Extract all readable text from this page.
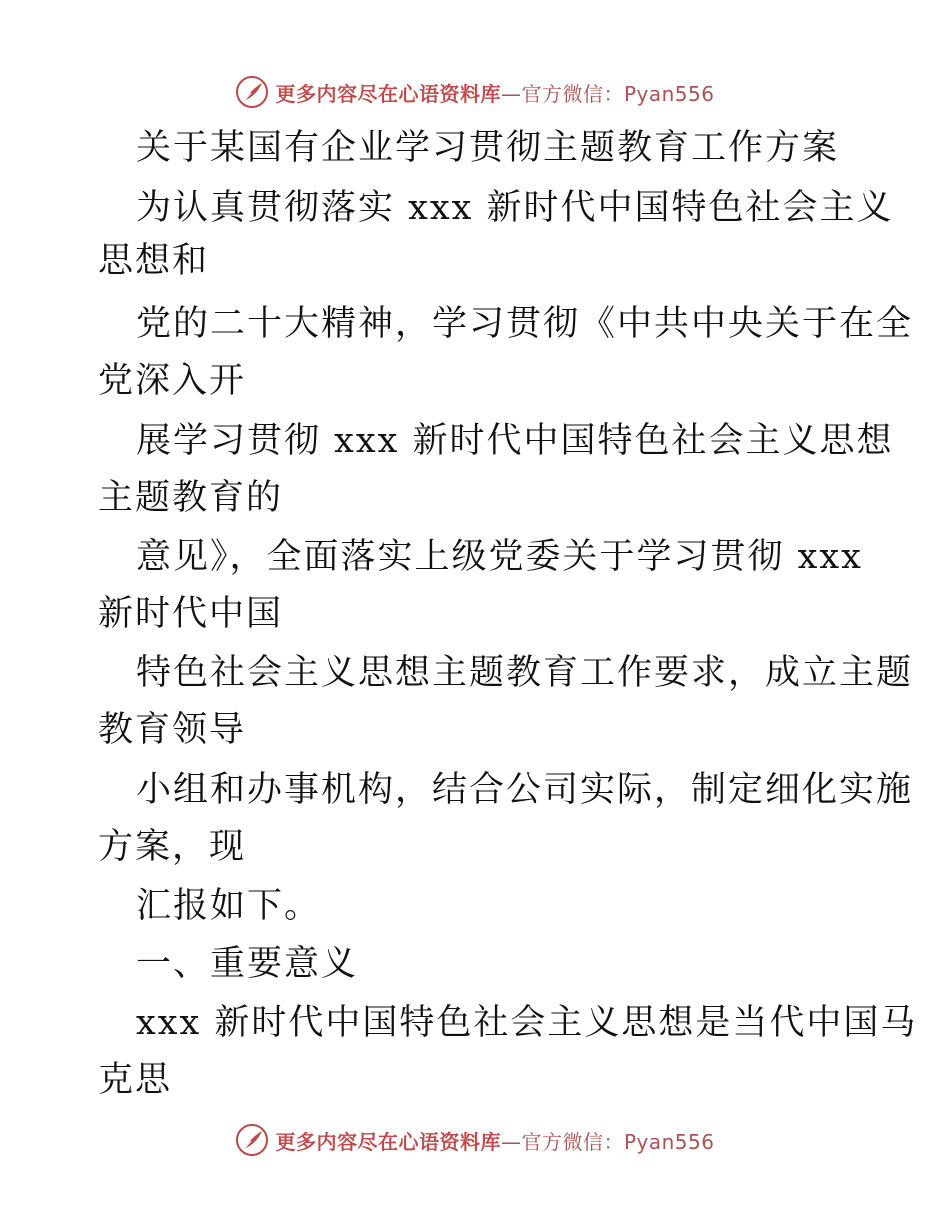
更多内容尽在心语资料库—官方微信：Pyan556
关于某国有企业学习贯彻主题教育工作方案
为认真贯彻落实 xxx 新时代中国特色社会主义
思想和
党的二十大精神，学习贯彻《中共中央关于在全
党深入开
展学习贯彻 xxx 新时代中国特色社会主义思想
主题教育的
意见》，全面落实上级党委关于学习贯彻 xxx
新时代中国
特色社会主义思想主题教育工作要求，成立主题
教育领导
小组和办事机构，结合公司实际，制定细化实施
方案，现
汇报如下。
一、重要意义
xxx 新时代中国特色社会主义思想是当代中国马
克思
更多内容尽在心语资料库—官方微信：Pyan556
